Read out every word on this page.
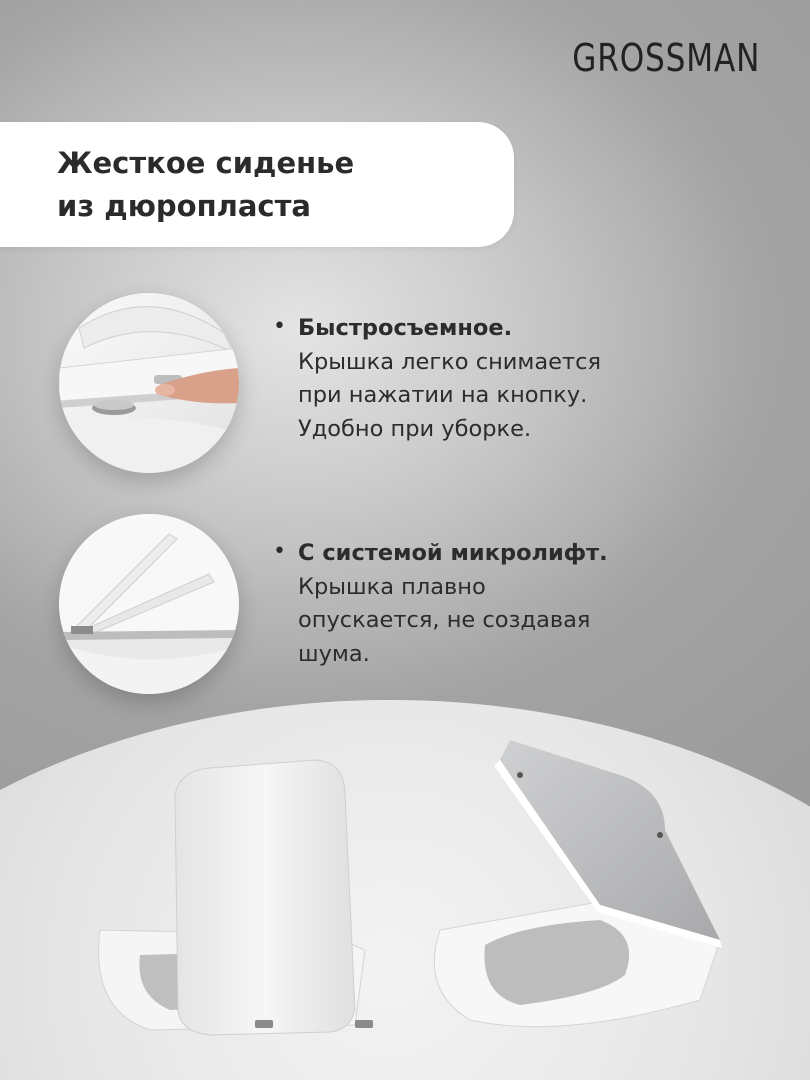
GROSSMAN
Жесткое сиденье
из дюропласта
• Быстросъемное.
Крышка легко снимается
при нажатии на кнопку.
Удобно при уборке.
• С системой микролифт.
Крышка плавно
опускается, не создавая
шума.
